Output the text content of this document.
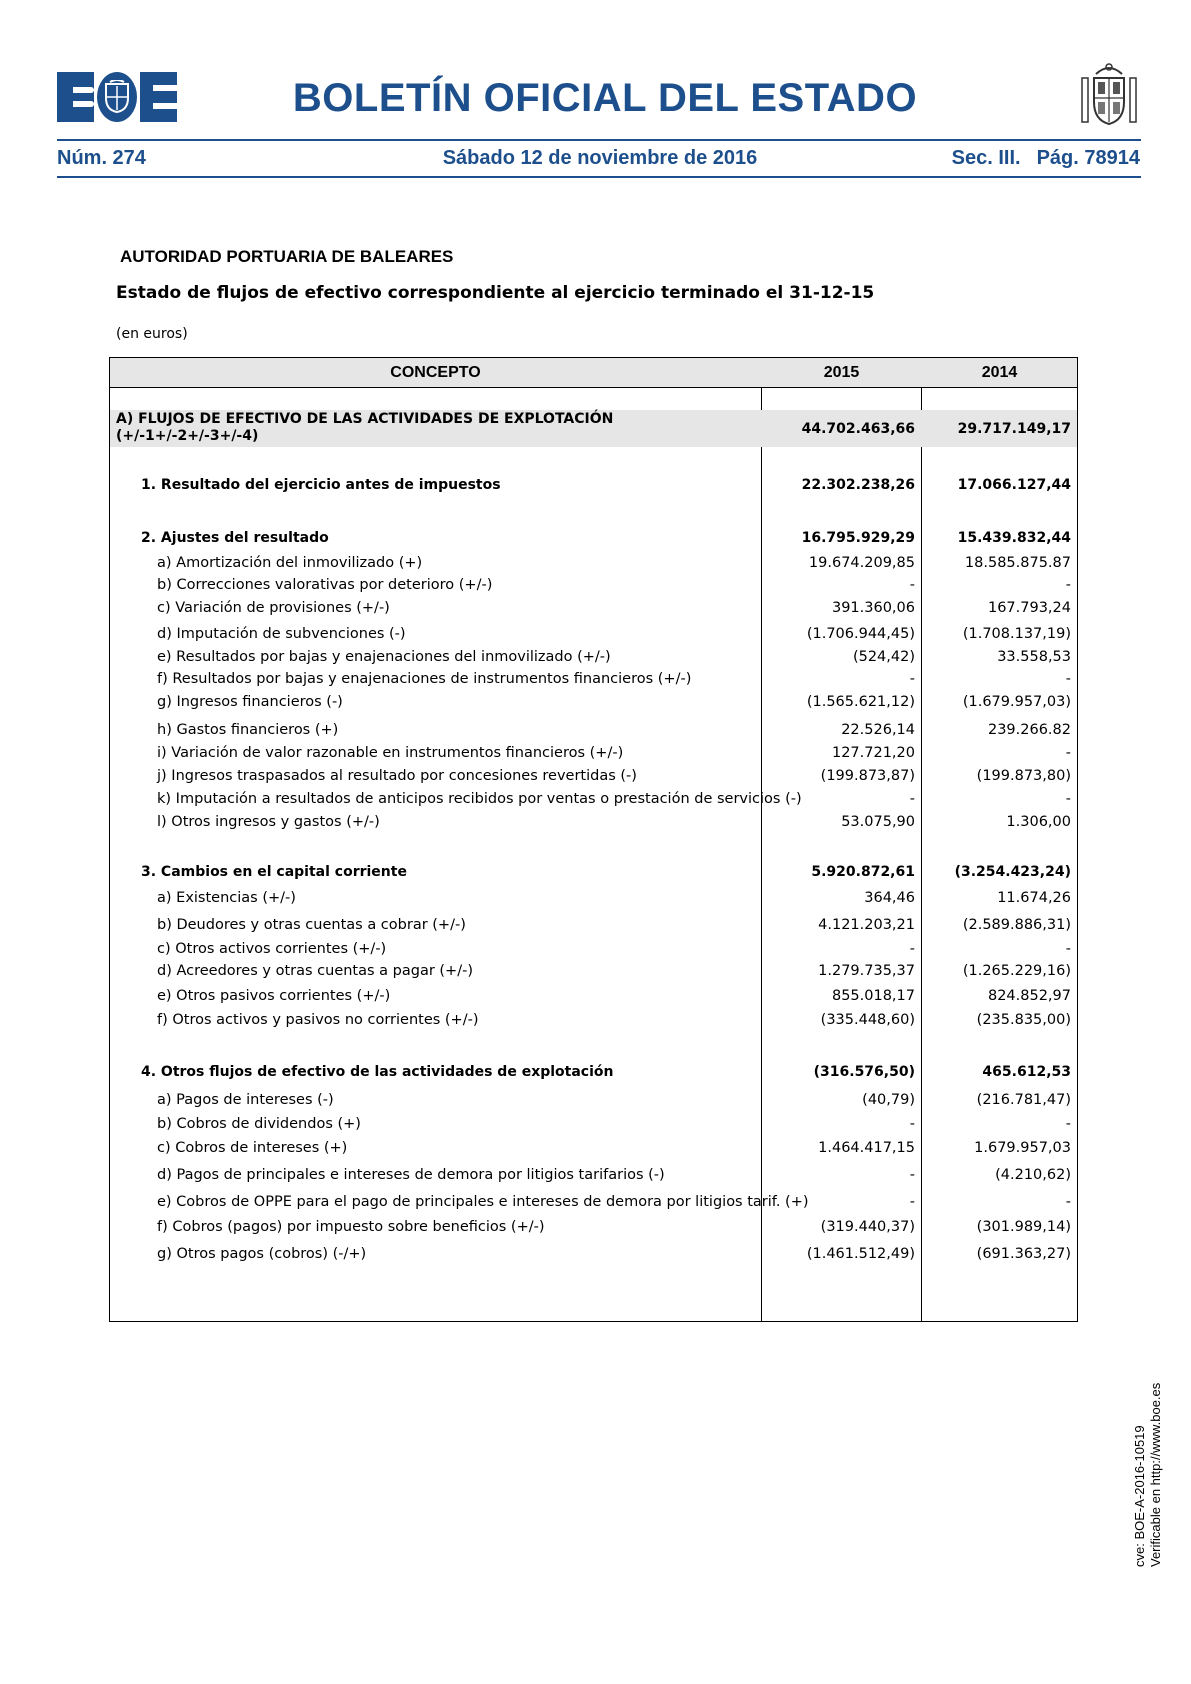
BOLETÍN OFICIAL DEL ESTADO
Núm. 274	Sábado 12 de noviembre de 2016	Sec. III. Pág. 78914
AUTORIDAD PORTUARIA DE BALEARES
Estado de flujos de efectivo correspondiente al ejercicio terminado el 31-12-15
(en euros)
CONCEPTO	2015	2014
A) FLUJOS DE EFECTIVO DE LAS ACTIVIDADES DE EXPLOTACIÓN (+/-1+/-2+/-3+/-4)	44.702.463,66	29.717.149,17
1. Resultado del ejercicio antes de impuestos	22.302.238,26	17.066.127,44
2. Ajustes del resultado	16.795.929,29	15.439.832,44
a) Amortización del inmovilizado (+)	19.674.209,85	18.585.875.87
b) Correcciones valorativas por deterioro (+/-)	-	-
c) Variación de provisiones (+/-)	391.360,06	167.793,24
d) Imputación de subvenciones (-)	(1.706.944,45)	(1.708.137,19)
e) Resultados por bajas y enajenaciones del inmovilizado (+/-)	(524,42)	33.558,53
f) Resultados por bajas y enajenaciones de instrumentos financieros (+/-)	-	-
g) Ingresos financieros (-)	(1.565.621,12)	(1.679.957,03)
h) Gastos financieros (+)	22.526,14	239.266.82
i) Variación de valor razonable en instrumentos financieros (+/-)	127.721,20	-
j) Ingresos traspasados al resultado por concesiones revertidas (-)	(199.873,87)	(199.873,80)
k) Imputación a resultados de anticipos recibidos por ventas o prestación de servicios (-)	-	-
l) Otros ingresos y gastos (+/-)	53.075,90	1.306,00
3. Cambios en el capital corriente	5.920.872,61	(3.254.423,24)
a) Existencias (+/-)	364,46	11.674,26
b) Deudores y otras cuentas a cobrar (+/-)	4.121.203,21	(2.589.886,31)
c) Otros activos corrientes (+/-)	-	-
d) Acreedores y otras cuentas a pagar (+/-)	1.279.735,37	(1.265.229,16)
e) Otros pasivos corrientes (+/-)	855.018,17	824.852,97
f) Otros activos y pasivos no corrientes (+/-)	(335.448,60)	(235.835,00)
4. Otros flujos de efectivo de las actividades de explotación	(316.576,50)	465.612,53
a) Pagos de intereses (-)	(40,79)	(216.781,47)
b) Cobros de dividendos (+)	-	-
c) Cobros de intereses (+)	1.464.417,15	1.679.957,03
d) Pagos de principales e intereses de demora por litigios tarifarios (-)	-	(4.210,62)
e) Cobros de OPPE para el pago de principales e intereses de demora por litigios tarif. (+)	-	-
f) Cobros (pagos) por impuesto sobre beneficios (+/-)	(319.440,37)	(301.989,14)
g) Otros pagos (cobros) (-/+)	(1.461.512,49)	(691.363,27)
cve: BOE-A-2016-10519 Verificable en http://www.boe.es
